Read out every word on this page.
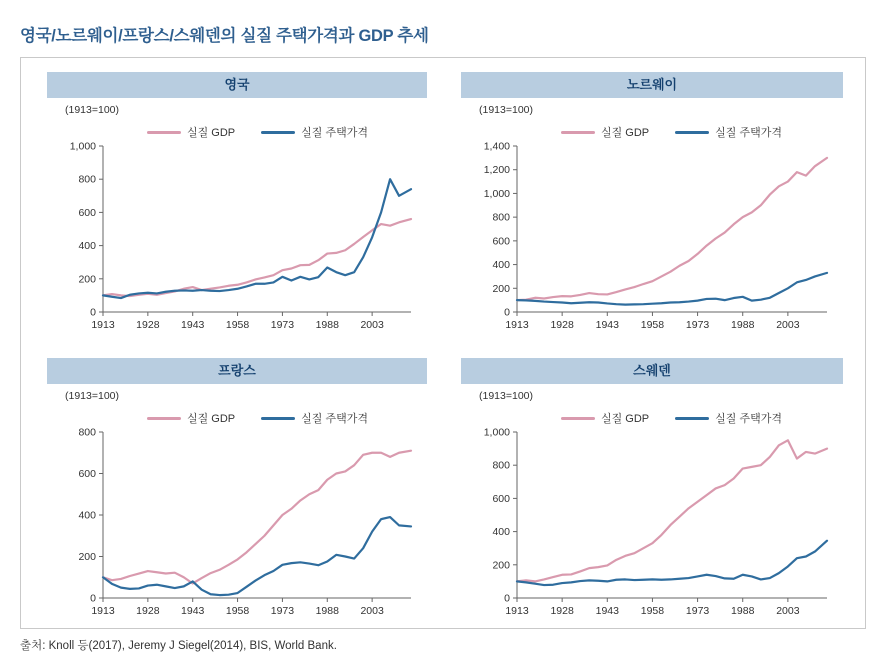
영국/노르웨이/프랑스/스웨덴의 실질 주택가격과 GDP 추세
영국
(1913=100)
실질 GDP	실질 주택가격
0
200
400
600
800
1,000
1913 1928 1943 1958 1973 1988 2003
노르웨이
(1913=100)
실질 GDP	실질 주택가격
0
200
400
600
800
1,000
1,200
1,400
1913 1928 1943 1958 1973 1988 2003
프랑스
(1913=100)
실질 GDP	실질 주택가격
0
200
400
600
800
1913 1928 1943 1958 1973 1988 2003
스웨덴
(1913=100)
실질 GDP	실질 주택가격
0
200
400
600
800
1,000
1913 1928 1943 1958 1973 1988 2003
출처: Knoll 등(2017), Jeremy J Siegel(2014), BIS, World Bank.
